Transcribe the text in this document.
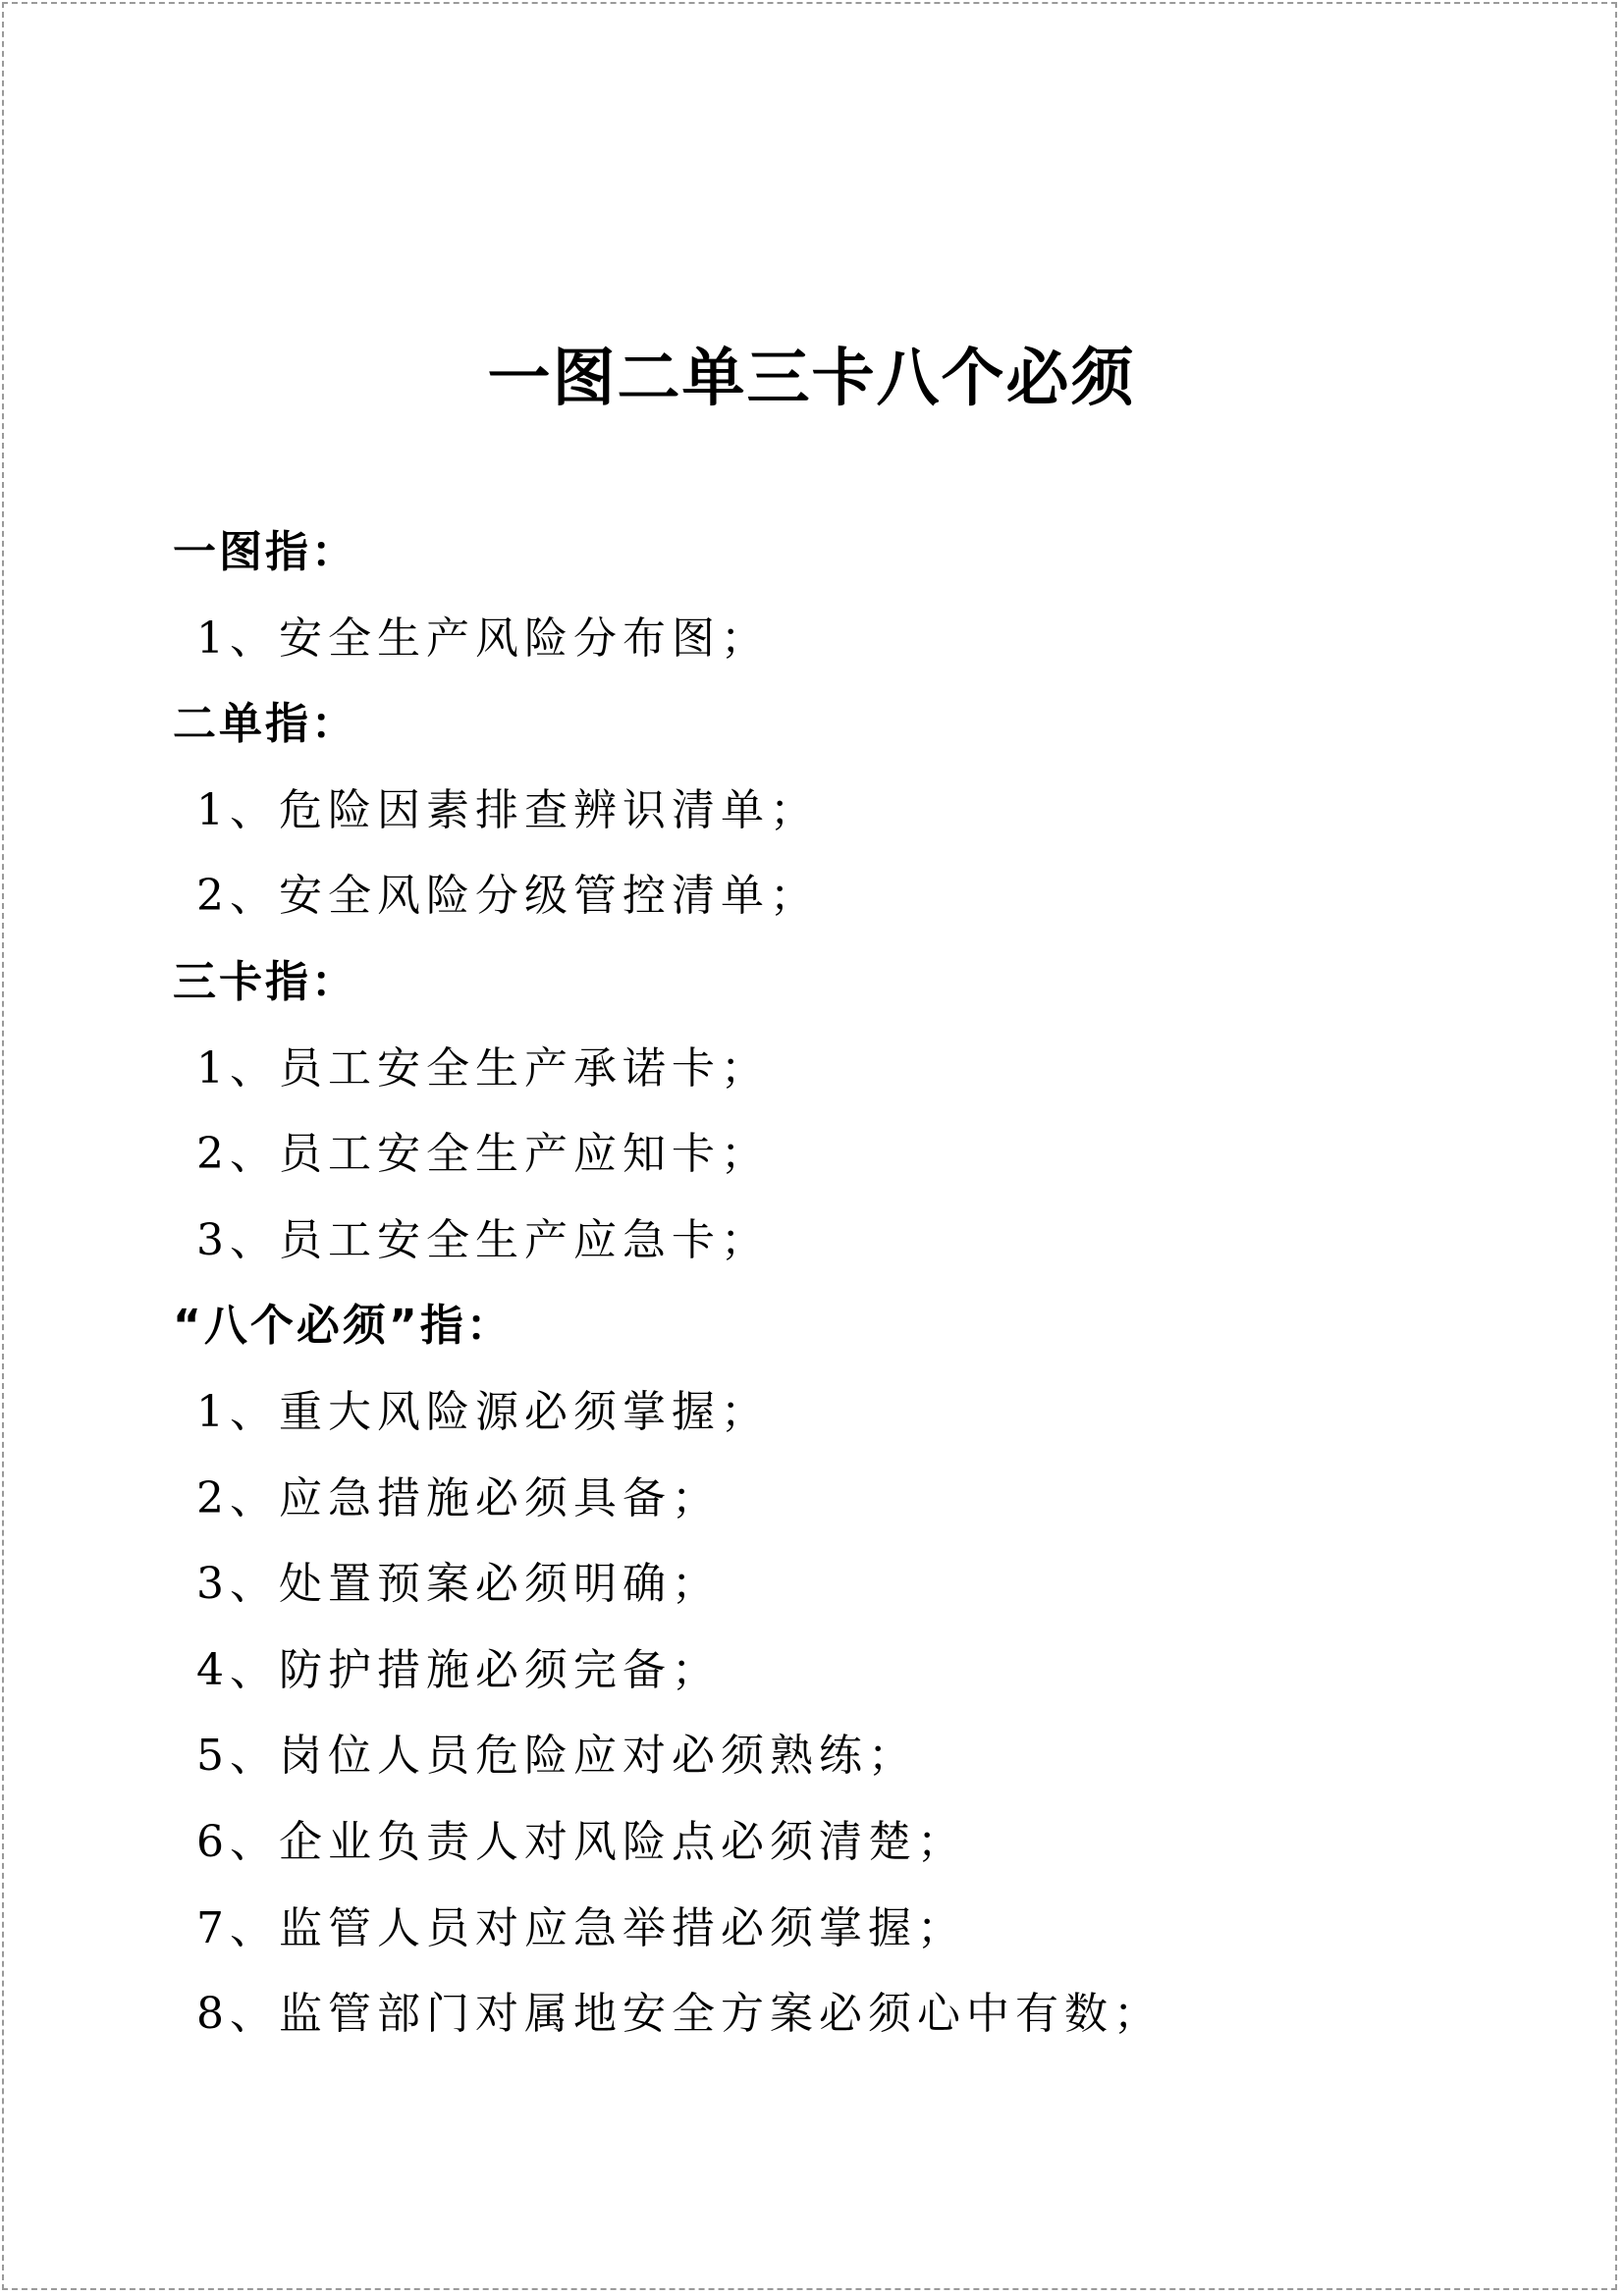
一图二单三卡八个必须
一图指：
1、安全生产风险分布图；
二单指：
1、危险因素排查辨识清单；
2、安全风险分级管控清单；
三卡指：
1、员工安全生产承诺卡；
2、员工安全生产应知卡；
3、员工安全生产应急卡；
“八个必须”指：
1、重大风险源必须掌握；
2、应急措施必须具备；
3、处置预案必须明确；
4、防护措施必须完备；
5、岗位人员危险应对必须熟练；
6、企业负责人对风险点必须清楚；
7、监管人员对应急举措必须掌握；
8、监管部门对属地安全方案必须心中有数；
